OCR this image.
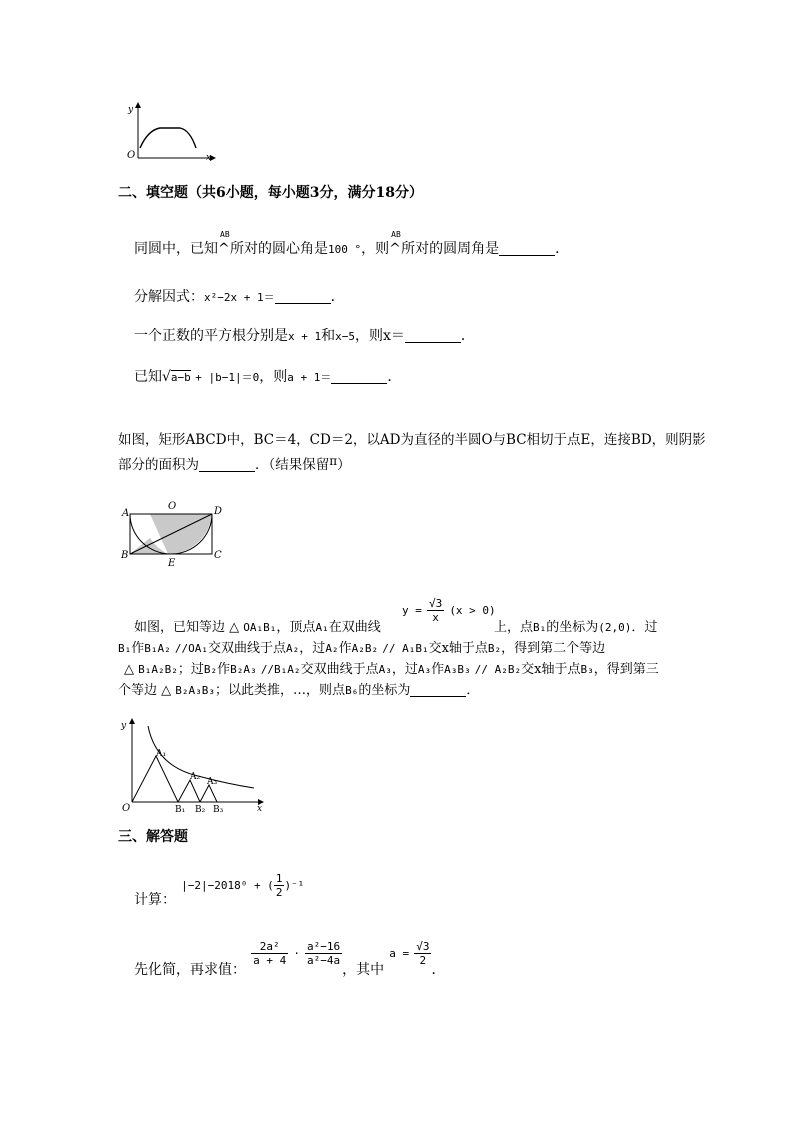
y
x
O
二、填空题（共6小题，每小题3分，满分18分）
同圆中，已知
AB
^所对的圆心角是100 °，则
AB
^所对的圆周角是	．
分解因式：x²−2x + 1＝	．
一个正数的平方根分别是x + 1和x−5，则x＝	．
已知√a−b + |b−1|＝0，则a + 1＝	．
如图，矩形ABCD中，BC＝4，CD＝2，以AD为直径的半圆O与BC相切于点E，连接BD，则阴影
部分的面积为	．（结果保留π）
A
O	D
B
E
C
如图，已知等边 △ OA₁B₁，顶点A₁在双曲线
$y = \frac{√3}{x} (x > 0)$
上，点B₁的坐标为(2,0)．过
B₁作B₁A₂ //OA₁交双曲线于点A₂，过A₂作A₂B₂ // A₁B₁交x轴于点B₂，得到第二个等边
△ B₁A₂B₂；过B₂作B₂A₃ //B₁A₂交双曲线于点A₃，过A₃作A₃B₃ // A₂B₂交x轴于点B₃，得到第三
个等边 △ B₂A₃B₃；以此类推，…，则点B₆的坐标为	．
y
x
O
A₁
A₂ A₃
B₁ B₂ B₃
三、解答题
计算： |−2|−2018⁰ + ( $\frac{1}{2} )^{-1}$
先化简，再求值：
$\frac{\text{2a²}}{a + 4} \cdot \frac{\text{a²−16}}{\text{a²−4a}}$
，其中 $a = \frac{√3}{2}$
．
